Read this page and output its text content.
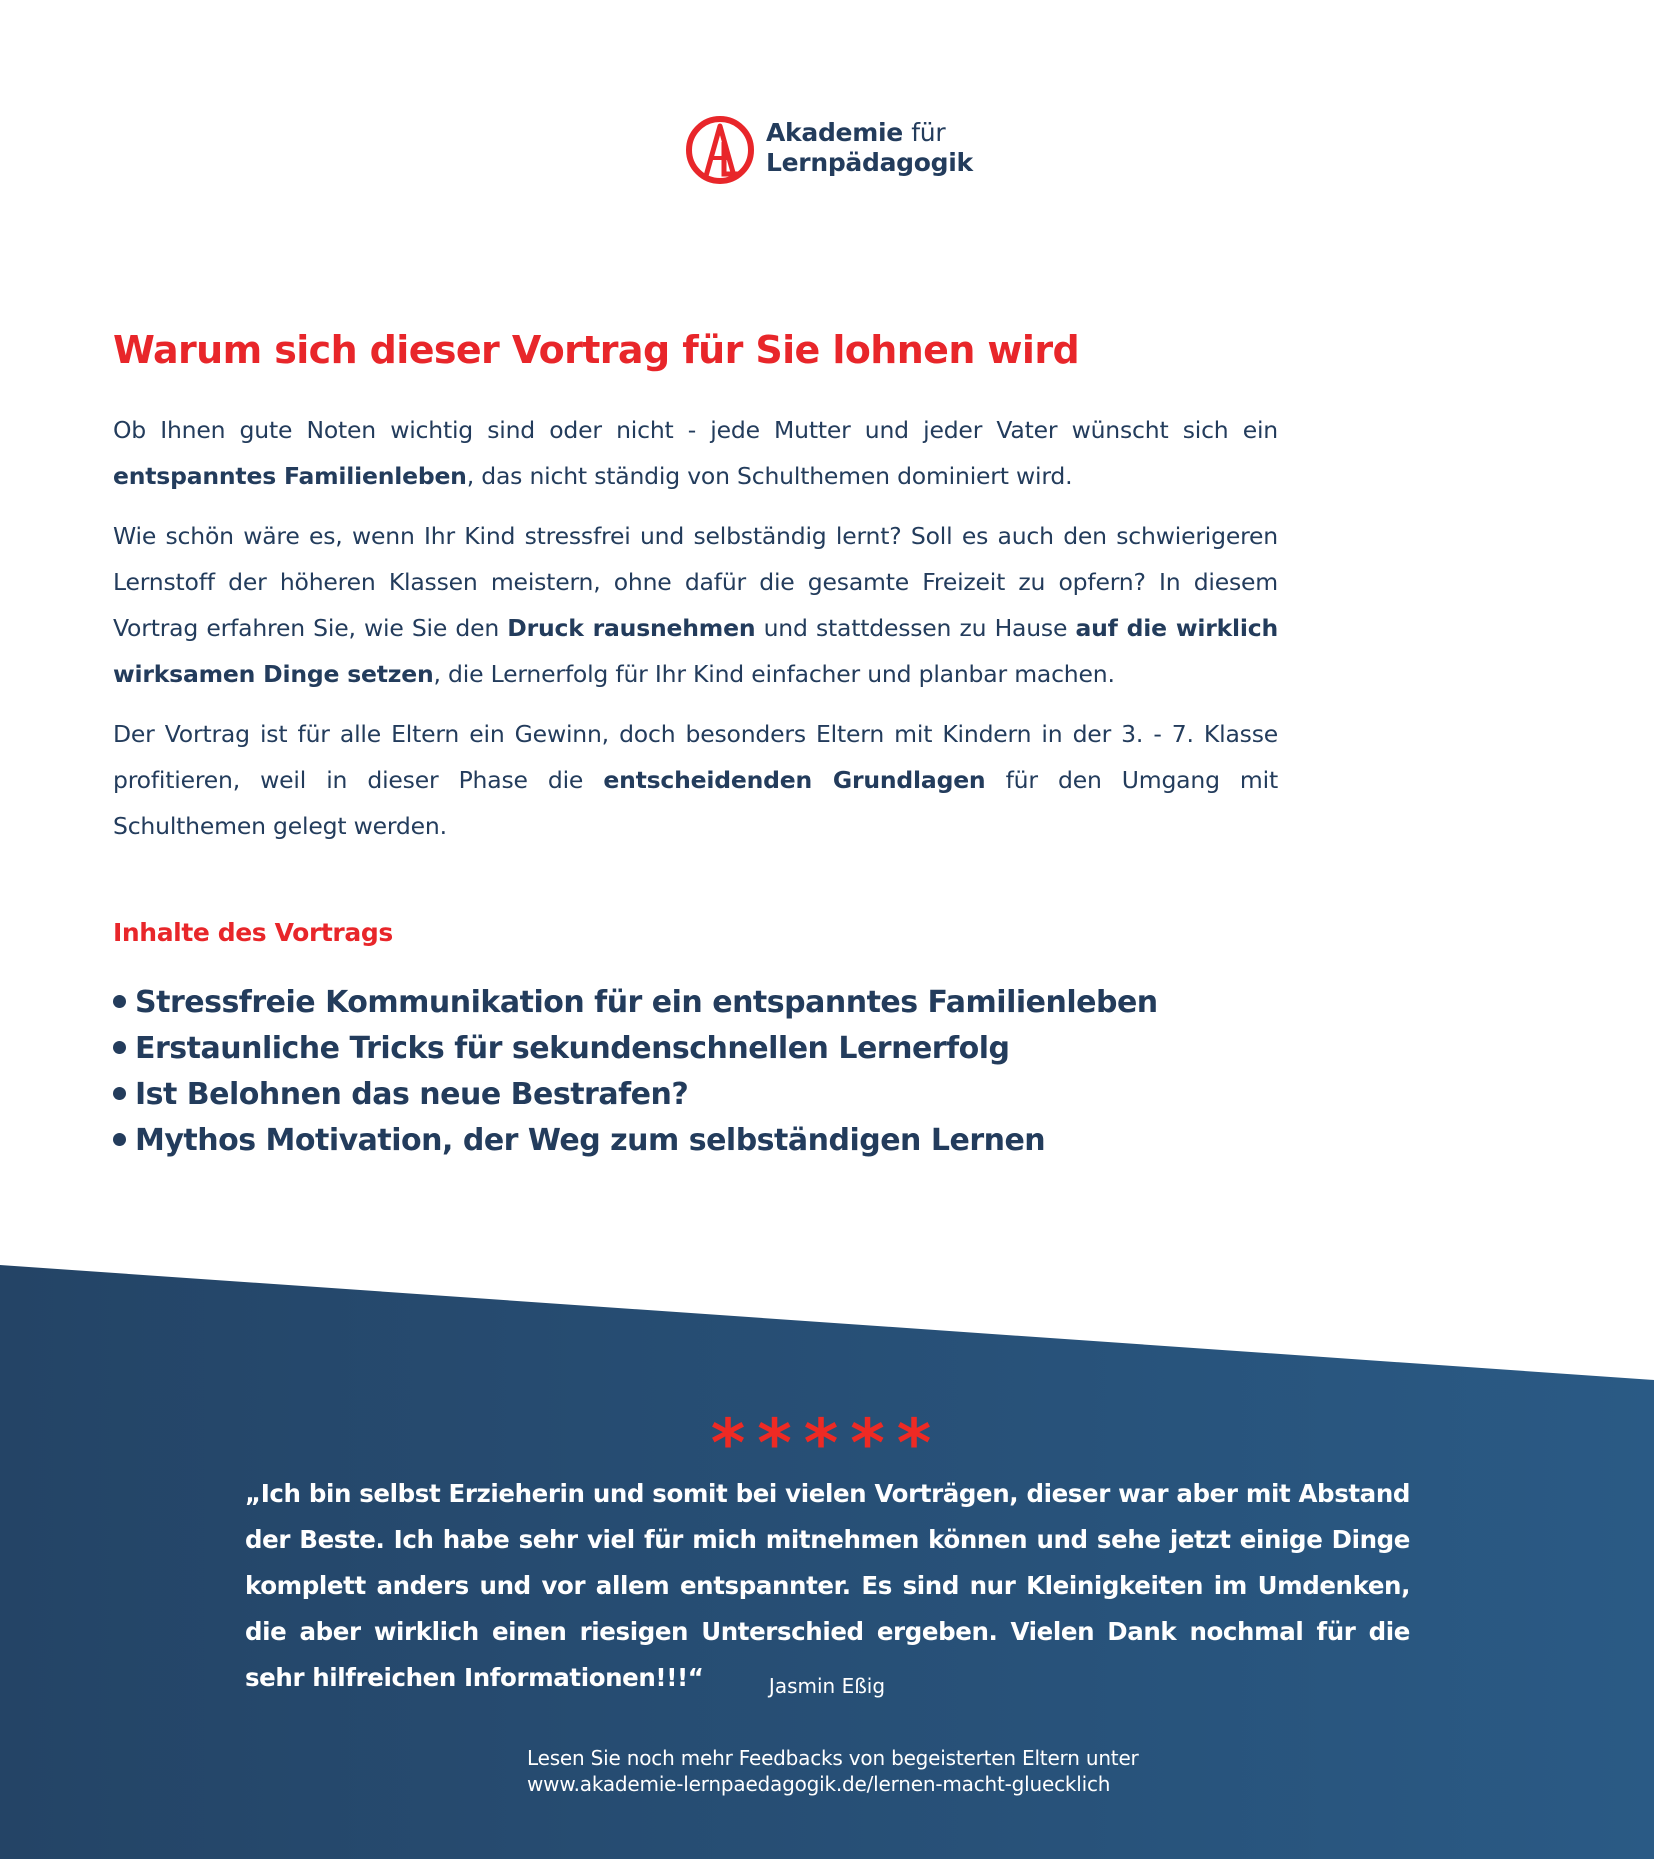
Akademie für
Lernpädagogik
Warum sich dieser Vortrag für Sie lohnen wird

Ob Ihnen gute Noten wichtig sind oder nicht - jede Mutter und jeder Vater wünscht sich ein entspanntes Familienleben, das nicht ständig von Schulthemen dominiert wird.

Wie schön wäre es, wenn Ihr Kind stressfrei und selbständig lernt? Soll es auch den schwierigeren Lernstoff der höheren Klassen meistern, ohne dafür die gesamte Freizeit zu opfern? In diesem Vortrag erfahren Sie, wie Sie den Druck rausnehmen und stattdessen zu Hause auf die wirklich wirksamen Dinge setzen, die Lernerfolg für Ihr Kind einfacher und planbar machen.

Der Vortrag ist für alle Eltern ein Gewinn, doch besonders Eltern mit Kindern in der 3. - 7. Klasse profitieren, weil in dieser Phase die entscheidenden Grundlagen für den Umgang mit Schulthemen gelegt werden.

Inhalte des Vortrags
Stressfreie Kommunikation für ein entspanntes Familienleben
Erstaunliche Tricks für sekundenschnellen Lernerfolg
Ist Belohnen das neue Bestrafen?
Mythos Motivation, der Weg zum selbständigen Lernen
*****

„Ich bin selbst Erzieherin und somit bei vielen Vorträgen, dieser war aber mit Abstand der Beste. Ich habe sehr viel für mich mitnehmen können und sehe jetzt einige Dinge komplett anders und vor allem entspannter. Es sind nur Kleinigkeiten im Umdenken, die aber wirklich einen riesigen Unterschied ergeben. Vielen Dank nochmal für die sehr hilfreichen Informationen!!!“	Jasmin Eßig
Lesen Sie noch mehr Feedbacks von begeisterten Eltern unter
www.akademie-lernpaedagogik.de/lernen-macht-gluecklich
